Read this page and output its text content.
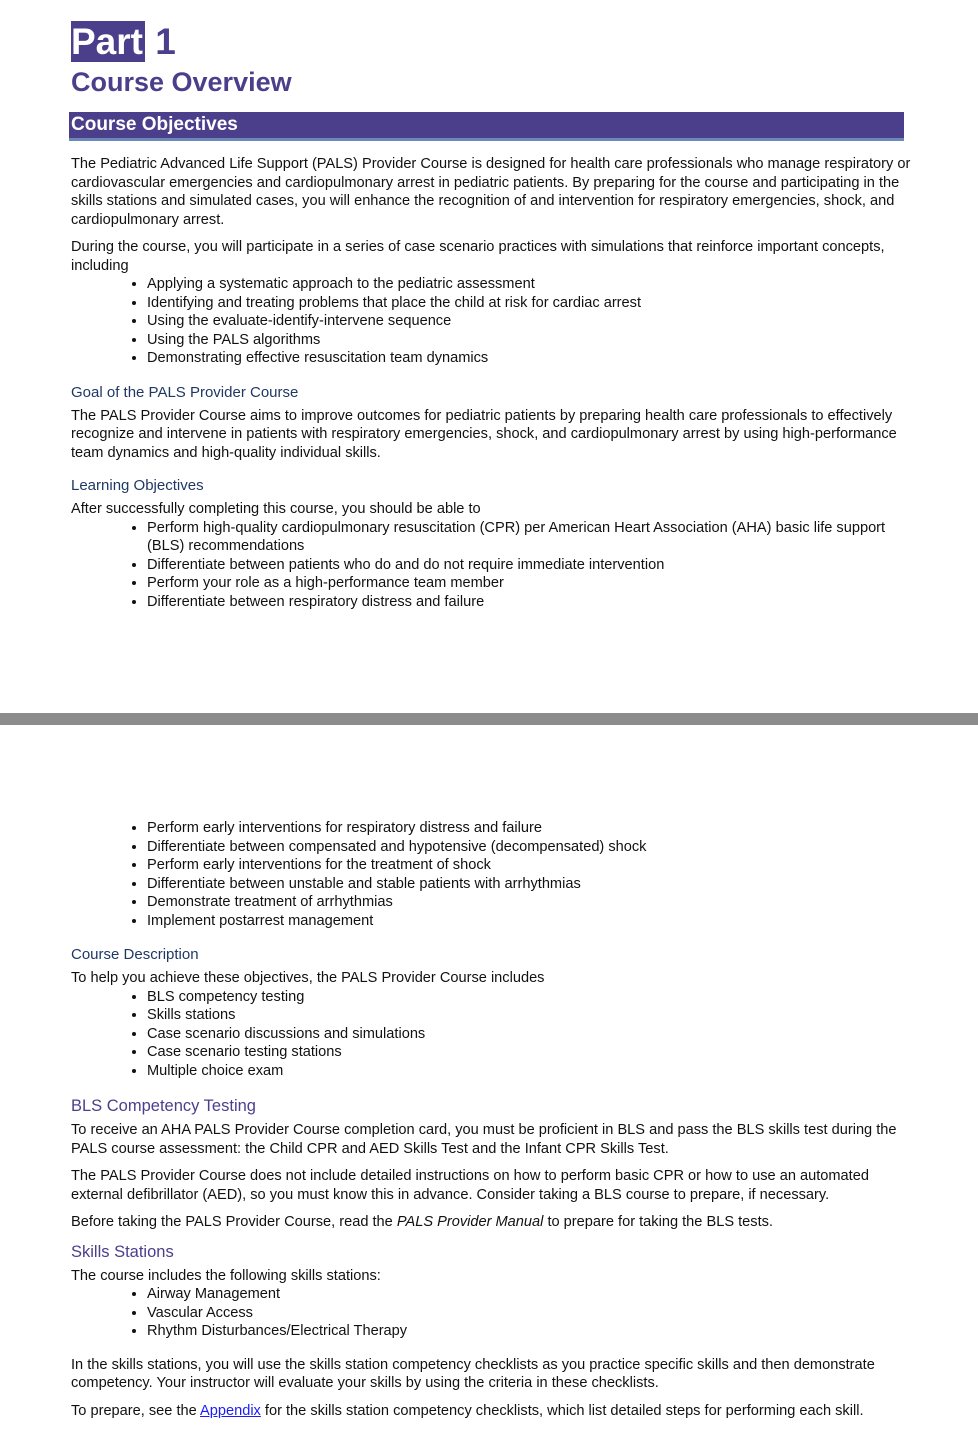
Part 1
Course Overview
Course Objectives

The Pediatric Advanced Life Support (PALS) Provider Course is designed for health care professionals who manage respiratory or cardiovascular emergencies and cardiopulmonary arrest in pediatric patients. By preparing for the course and participating in the skills stations and simulated cases, you will enhance the recognition of and intervention for respiratory emergencies, shock, and cardiopulmonary arrest.

During the course, you will participate in a series of case scenario practices with simulations that reinforce important concepts, including

• Applying a systematic approach to the pediatric assessment
• Identifying and treating problems that place the child at risk for cardiac arrest
• Using the evaluate-identify-intervene sequence
• Using the PALS algorithms
• Demonstrating effective resuscitation team dynamics
Goal of the PALS Provider Course

The PALS Provider Course aims to improve outcomes for pediatric patients by preparing health care professionals to effectively recognize and intervene in patients with respiratory emergencies, shock, and cardiopulmonary arrest by using high-performance team dynamics and high-quality individual skills.

Learning Objectives

After successfully completing this course, you should be able to

• Perform high-quality cardiopulmonary resuscitation (CPR) per American Heart Association (AHA) basic life support (BLS) recommendations
• Differentiate between patients who do and do not require immediate intervention
• Perform your role as a high-performance team member
• Differentiate between respiratory distress and failure
• Perform early interventions for respiratory distress and failure
• Differentiate between compensated and hypotensive (decompensated) shock
• Perform early interventions for the treatment of shock
• Differentiate between unstable and stable patients with arrhythmias
• Demonstrate treatment of arrhythmias
• Implement postarrest management
Course Description

To help you achieve these objectives, the PALS Provider Course includes

• BLS competency testing
• Skills stations
• Case scenario discussions and simulations
• Case scenario testing stations
• Multiple choice exam
BLS Competency Testing

To receive an AHA PALS Provider Course completion card, you must be proficient in BLS and pass the BLS skills test during the PALS course assessment: the Child CPR and AED Skills Test and the Infant CPR Skills Test.

The PALS Provider Course does not include detailed instructions on how to perform basic CPR or how to use an automated external defibrillator (AED), so you must know this in advance. Consider taking a BLS course to prepare, if necessary.

Before taking the PALS Provider Course, read the PALS Provider Manual to prepare for taking the BLS tests.

Skills Stations

The course includes the following skills stations:

• Airway Management
• Vascular Access
• Rhythm Disturbances/Electrical Therapy

In the skills stations, you will use the skills station competency checklists as you practice specific skills and then demonstrate competency. Your instructor will evaluate your skills by using the criteria in these checklists.

To prepare, see the Appendix for the skills station competency checklists, which list detailed steps for performing each skill.
